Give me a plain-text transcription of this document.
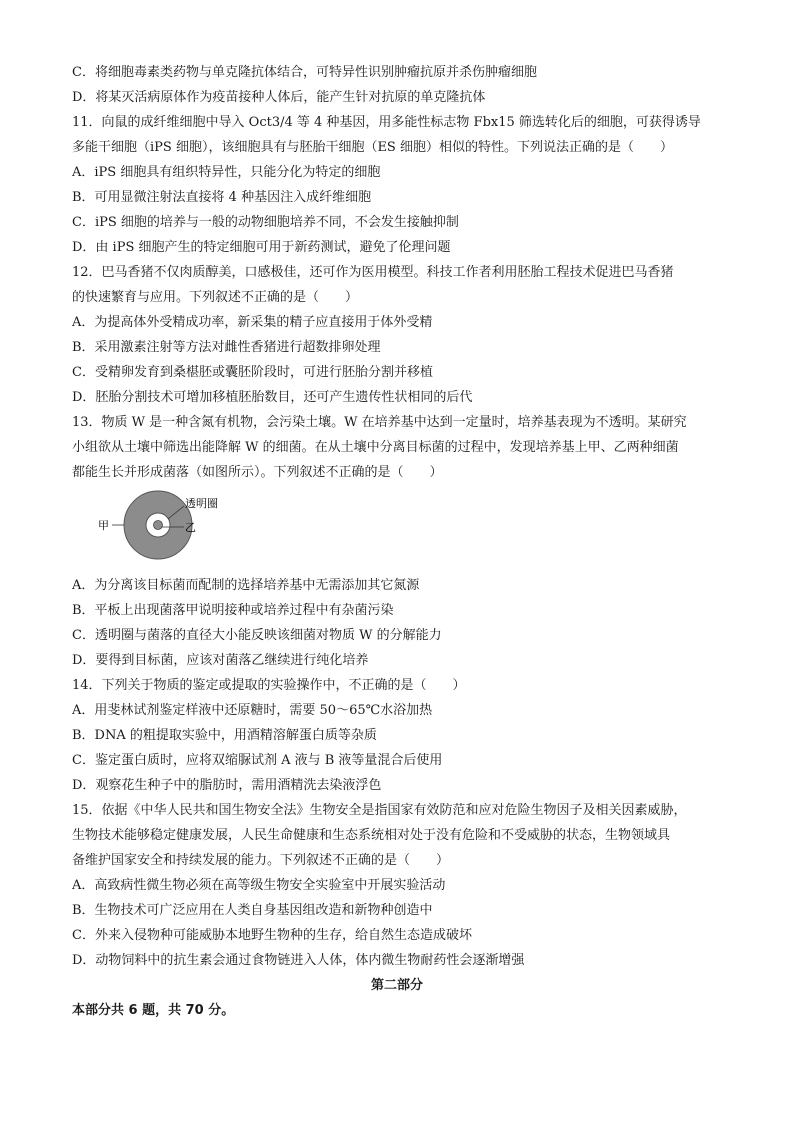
C．将细胞毒素类药物与单克隆抗体结合，可特异性识别肿瘤抗原并杀伤肿瘤细胞
D．将某灭活病原体作为疫苗接种人体后，能产生针对抗原的单克隆抗体
11．向鼠的成纤维细胞中导入 Oct3/4 等 4 种基因，用多能性标志物 Fbx15 筛选转化后的细胞，可获得诱导
多能干细胞（iPS 细胞），该细胞具有与胚胎干细胞（ES 细胞）相似的特性。下列说法正确的是（　　）
A．iPS 细胞具有组织特异性，只能分化为特定的细胞
B．可用显微注射法直接将 4 种基因注入成纤维细胞
C．iPS 细胞的培养与一般的动物细胞培养不同，不会发生接触抑制
D．由 iPS 细胞产生的特定细胞可用于新药测试，避免了伦理问题
12．巴马香猪不仅肉质醇美，口感极佳，还可作为医用模型。科技工作者利用胚胎工程技术促进巴马香猪
的快速繁育与应用。下列叙述不正确的是（　　）
A．为提高体外受精成功率，新采集的精子应直接用于体外受精
B．采用激素注射等方法对雌性香猪进行超数排卵处理
C．受精卵发育到桑椹胚或囊胚阶段时，可进行胚胎分割并移植
D．胚胎分割技术可增加移植胚胎数目，还可产生遗传性状相同的后代
13．物质 W 是一种含氮有机物，会污染土壤。W 在培养基中达到一定量时，培养基表现为不透明。某研究
小组欲从土壤中筛选出能降解 W 的细菌。在从土壤中分离目标菌的过程中，发现培养基上甲、乙两种细菌
都能生长并形成菌落（如图所示）。下列叙述不正确的是（　　）
甲
透明圈
乙
A．为分离该目标菌而配制的选择培养基中无需添加其它氮源
B．平板上出现菌落甲说明接种或培养过程中有杂菌污染
C．透明圈与菌落的直径大小能反映该细菌对物质 W 的分解能力
D．要得到目标菌，应该对菌落乙继续进行纯化培养
14．下列关于物质的鉴定或提取的实验操作中，不正确的是（　　）
A．用斐林试剂鉴定样液中还原糖时，需要 50～65℃水浴加热
B．DNA 的粗提取实验中，用酒精溶解蛋白质等杂质
C．鉴定蛋白质时，应将双缩脲试剂 A 液与 B 液等量混合后使用
D．观察花生种子中的脂肪时，需用酒精洗去染液浮色
15．依据《中华人民共和国生物安全法》生物安全是指国家有效防范和应对危险生物因子及相关因素威胁，
生物技术能够稳定健康发展，人民生命健康和生态系统相对处于没有危险和不受威胁的状态，生物领域具
备维护国家安全和持续发展的能力。下列叙述不正确的是（　　）
A．高致病性微生物必须在高等级生物安全实验室中开展实验活动
B．生物技术可广泛应用在人类自身基因组改造和新物种创造中
C．外来入侵物种可能威胁本地野生物种的生存，给自然生态造成破坏
D．动物饲料中的抗生素会通过食物链进入人体，体内微生物耐药性会逐渐增强
第二部分
本部分共 6 题，共 70 分。
